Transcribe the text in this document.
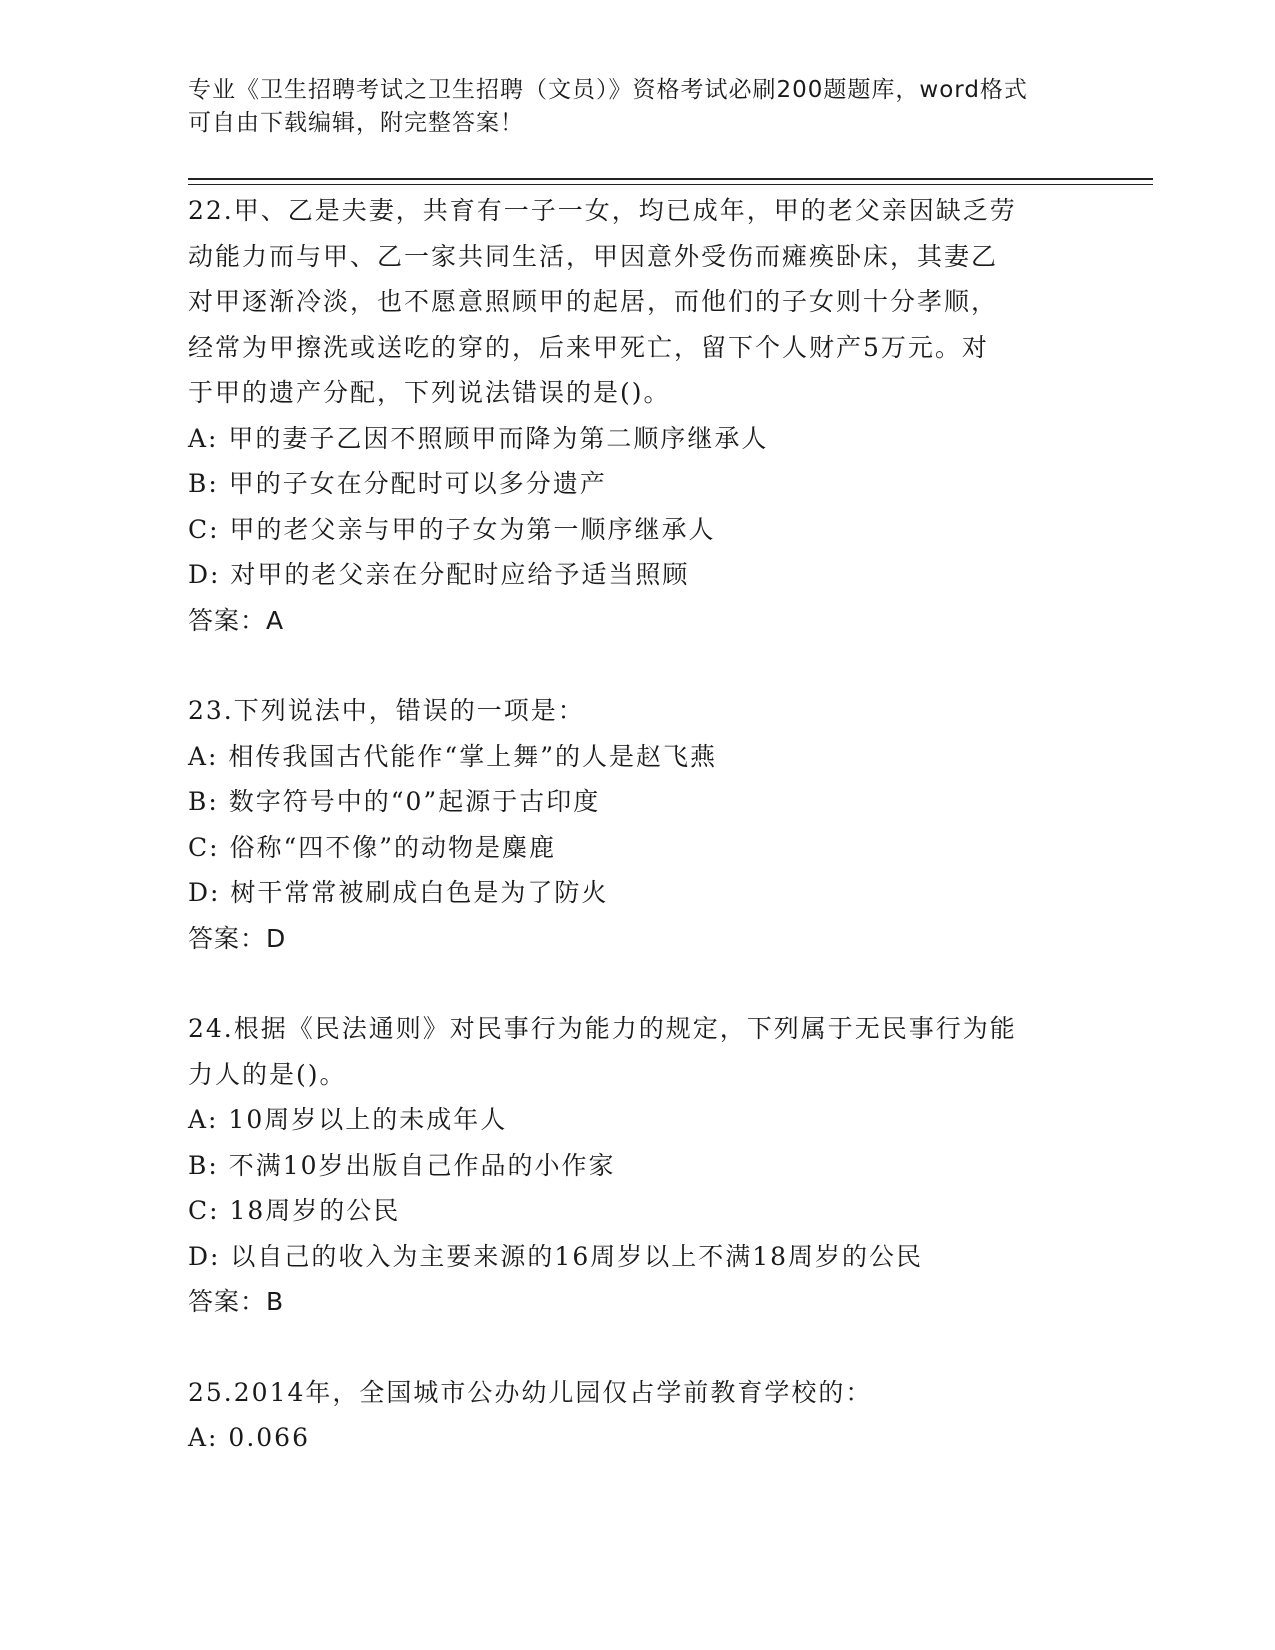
专业《卫生招聘考试之卫生招聘（文员）》资格考试必刷200题题库，word格式
可自由下载编辑，附完整答案！
22.甲、乙是夫妻，共育有一子一女，均已成年，甲的老父亲因缺乏劳
动能力而与甲、乙一家共同生活，甲因意外受伤而瘫痪卧床，其妻乙
对甲逐渐冷淡，也不愿意照顾甲的起居，而他们的子女则十分孝顺，
经常为甲擦洗或送吃的穿的，后来甲死亡，留下个人财产5万元。对
于甲的遗产分配，下列说法错误的是()。
A: 甲的妻子乙因不照顾甲而降为第二顺序继承人
B: 甲的子女在分配时可以多分遗产
C: 甲的老父亲与甲的子女为第一顺序继承人
D: 对甲的老父亲在分配时应给予适当照顾
答案：A
23.下列说法中，错误的一项是：
A: 相传我国古代能作“掌上舞”的人是赵飞燕
B: 数字符号中的“0”起源于古印度
C: 俗称“四不像”的动物是麋鹿
D: 树干常常被刷成白色是为了防火
答案：D
24.根据《民法通则》对民事行为能力的规定，下列属于无民事行为能
力人的是()。
A: 10周岁以上的未成年人
B: 不满10岁出版自己作品的小作家
C: 18周岁的公民
D: 以自己的收入为主要来源的16周岁以上不满18周岁的公民
答案：B
25.2014年，全国城市公办幼儿园仅占学前教育学校的：
A: 0.066
